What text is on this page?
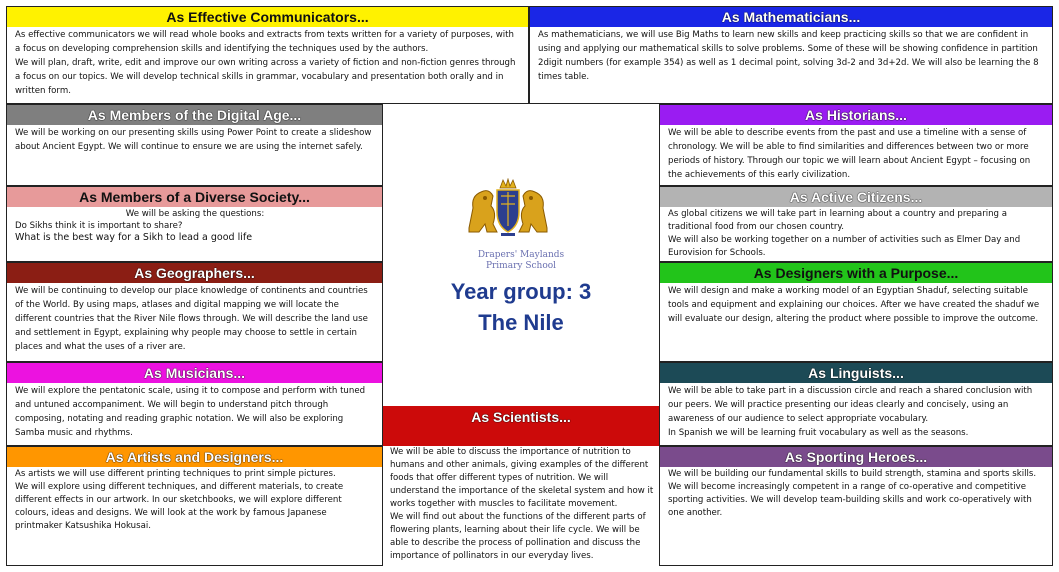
As Effective Communicators...

As effective communicators we will read whole books and extracts from texts written for a variety of purposes, with a focus on developing comprehension skills and identifying the techniques used by the authors.

We will plan, draft, write, edit and improve our own writing across a variety of fiction and non-fiction genres through a focus on our topics. We will develop technical skills in grammar, vocabulary and presentation both orally and in written form.

As Mathematicians...

As mathematicians, we will use Big Maths to learn new skills and keep practicing skills so that we are confident in using and applying our mathematical skills to solve problems. Some of these will be showing confidence in partition 2digit numbers (for example 354) as well as 1 decimal point, solving 3d-2 and 3d+2d. We will also be learning the 8 times table.

As Members of the Digital Age...

We will be working on our presenting skills using Power Point to create a slideshow about Ancient Egypt. We will continue to ensure we are using the internet safely.

As Historians...

We will be able to describe events from the past and use a timeline with a sense of chronology. We will be able to find similarities and differences between two or more periods of history. Through our topic we will learn about Ancient Egypt – focusing on the achievements of this early civilization.

As Members of a Diverse Society...

We will be asking the questions:

Do Sikhs think it is important to share?

What is the best way for a Sikh to lead a good life

As Active Citizens...

As global citizens we will take part in learning about a country and preparing a traditional food from our chosen country.

We will also be working together on a number of activities such as Elmer Day and Eurovision for Schools.

As Geographers...

We will be continuing to develop our place knowledge of continents and countries of the World. By using maps, atlases and digital mapping we will locate the different countries that the River Nile flows through. We will describe the land use and settlement in Egypt, explaining why people may choose to settle in certain places and what the uses of a river are.

As Designers with a Purpose...

We will design and make a working model of an Egyptian Shaduf, selecting suitable tools and equipment and explaining our choices. After we have created the shaduf we will evaluate our design, altering the product where possible to improve the outcome.

As Musicians...

We will explore the pentatonic scale, using it to compose and perform with tuned and untuned accompaniment. We will begin to understand pitch through composing, notating and reading graphic notation. We will also be exploring Samba music and rhythms.

As Linguists...

We will be able to take part in a discussion circle and reach a shared conclusion with our peers. We will practice presenting our ideas clearly and concisely, using an awareness of our audience to select appropriate vocabulary.

In Spanish we will be learning fruit vocabulary as well as the seasons.

Drapers' Maylands
Primary School
Year group: 3
The Nile
As Scientists...

We will be able to discuss the importance of nutrition to humans and other animals, giving examples of the different foods that offer different types of nutrition. We will understand the importance of the skeletal system and how it works together with muscles to facilitate movement.

We will find out about the functions of the different parts of flowering plants, learning about their life cycle. We will be able to describe the process of pollination and discuss the importance of pollinators in our everyday lives.

As Artists and Designers...

As artists we will use different printing techniques to print simple pictures.

We will explore using different techniques, and different materials, to create different effects in our artwork. In our sketchbooks, we will explore different colours, ideas and designs. We will look at the work by famous Japanese printmaker Katsushika Hokusai.

As Sporting Heroes...

We will be building our fundamental skills to build strength, stamina and sports skills.

We will become increasingly competent in a range of co-operative and competitive sporting activities. We will develop team-building skills and work co-operatively with one another.
